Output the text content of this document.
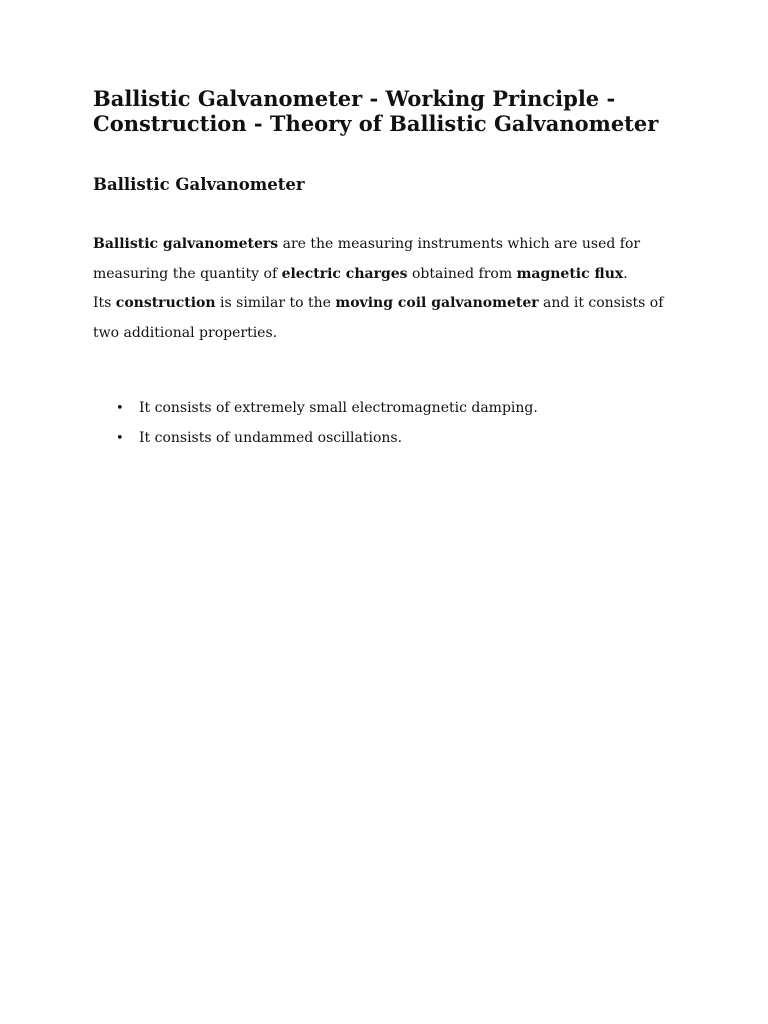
Ballistic Galvanometer - Working Principle - Construction - Theory of Ballistic Galvanometer
Ballistic Galvanometer

Ballistic galvanometers are the measuring instruments which are used for measuring the quantity of electric charges obtained from magnetic flux.

Its construction is similar to the moving coil galvanometer and it consists of two additional properties.

• It consists of extremely small electromagnetic damping.
• It consists of undammed oscillations.
